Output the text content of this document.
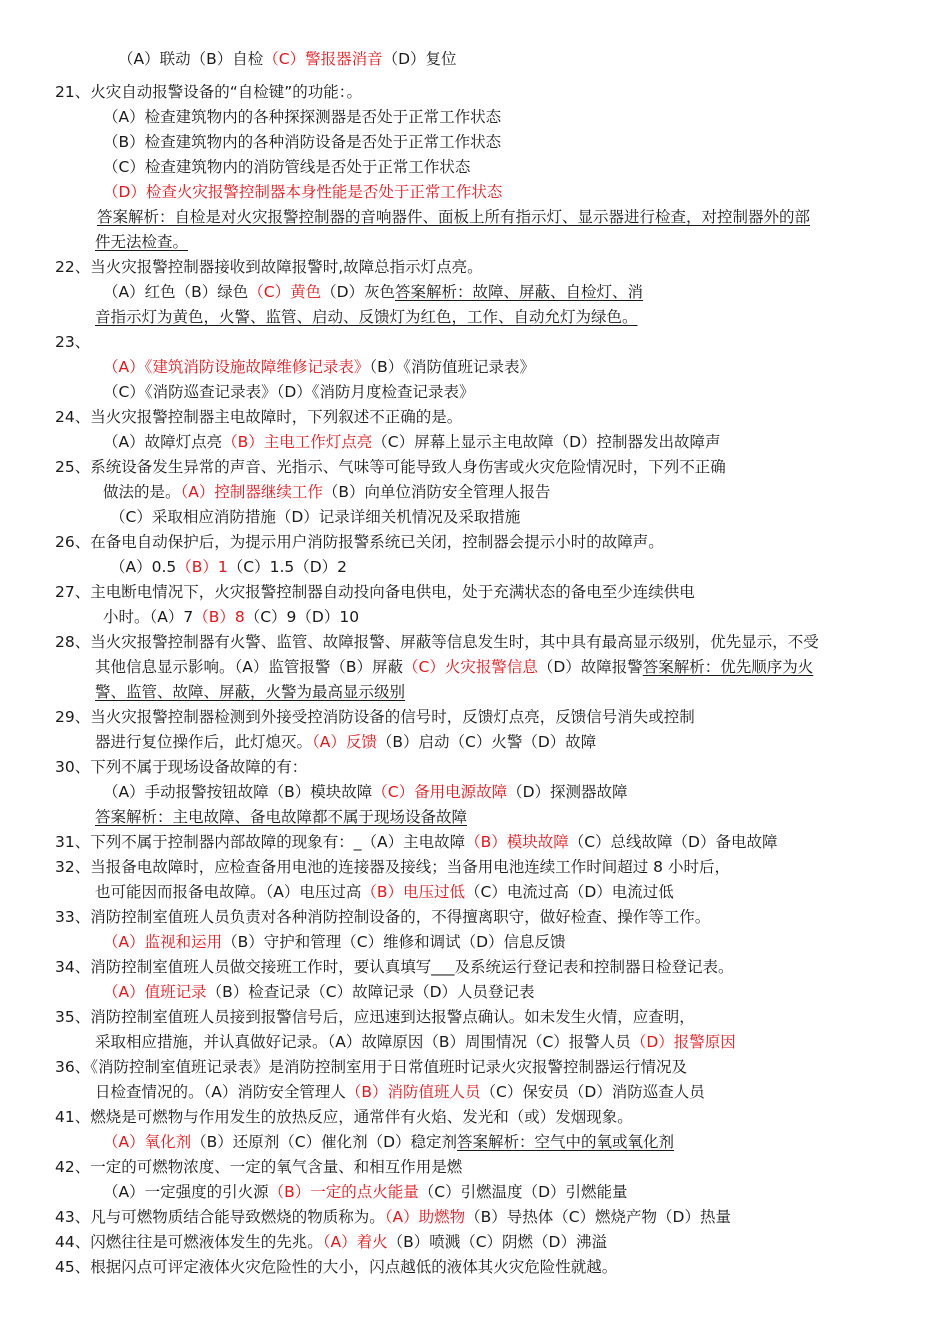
（A）联动（B）自检（C）警报器消音（D）复位
21、火灾自动报警设备的“自检键”的功能：。
（A）检查建筑物内的各种探探测器是否处于正常工作状态
（B）检查建筑物内的各种消防设备是否处于正常工作状态
（C）检查建筑物内的消防管线是否处于正常工作状态
（D）检查火灾报警控制器本身性能是否处于正常工作状态
答案解析：自检是对火灾报警控制器的音响器件、面板上所有指示灯、显示器进行检查，对控制器外的部
件无法检查。
22、当火灾报警控制器接收到故障报警时,故障总指示灯点亮。
（A）红色（B）绿色（C）黄色（D）灰色答案解析：故障、屏蔽、自检灯、消
音指示灯为黄色，火警、监管、启动、反馈灯为红色，工作、自动允灯为绿色。
23、
（A）《建筑消防设施故障维修记录表》（B）《消防值班记录表》
（C）《消防巡查记录表》（D）《消防月度检查记录表》
24、当火灾报警控制器主电故障时，下列叙述不正确的是。
（A）故障灯点亮（B）主电工作灯点亮（C）屏幕上显示主电故障（D）控制器发出故障声
25、系统设备发生异常的声音、光指示、气味等可能导致人身伤害或火灾危险情况时，下列不正确
做法的是。（A）控制器继续工作（B）向单位消防安全管理人报告
（C）采取相应消防措施（D）记录详细关机情况及采取措施
26、在备电自动保护后，为提示用户消防报警系统已关闭，控制器会提示小时的故障声。
（A）0.5（B）1（C）1.5（D）2
27、主电断电情况下，火灾报警控制器自动投向备电供电，处于充满状态的备电至少连续供电
小时。（A）7（B）8（C）9（D）10
28、当火灾报警控制器有火警、监管、故障报警、屏蔽等信息发生时，其中具有最高显示级别，优先显示，不受
其他信息显示影响。（A）监管报警（B）屏蔽（C）火灾报警信息（D）故障报警答案解析：优先顺序为火
警、监管、故障、屏蔽，火警为最高显示级别
29、当火灾报警控制器检测到外接受控消防设备的信号时，反馈灯点亮，反馈信号消失或控制
器进行复位操作后，此灯熄灭。（A）反馈（B）启动（C）火警（D）故障
30、下列不属于现场设备故障的有：
（A）手动报警按钮故障（B）模块故障（C）备用电源故障（D）探测器故障
答案解析：主电故障、备电故障都不属于现场设备故障
31、下列不属于控制器内部故障的现象有：_（A）主电故障（B）模块故障（C）总线故障（D）备电故障
32、当报备电故障时，应检查备用电池的连接器及接线；当备用电池连续工作时间超过 8 小时后，
也可能因而报备电故障。（A）电压过高（B）电压过低（C）电流过高（D）电流过低
33、消防控制室值班人员负责对各种消防控制设备的，不得擅离职守，做好检查、操作等工作。
（A）监视和运用（B）守护和管理（C）维修和调试（D）信息反馈
34、消防控制室值班人员做交接班工作时，要认真填写___及系统运行登记表和控制器日检登记表。
（A）值班记录（B）检查记录（C）故障记录（D）人员登记表
35、消防控制室值班人员接到报警信号后，应迅速到达报警点确认。如未发生火情，应查明，
采取相应措施，并认真做好记录。（A）故障原因（B）周围情况（C）报警人员（D）报警原因
36、《消防控制室值班记录表》是消防控制室用于日常值班时记录火灾报警控制器运行情况及
日检查情况的。（A）消防安全管理人（B）消防值班人员（C）保安员（D）消防巡查人员
41、燃烧是可燃物与作用发生的放热反应，通常伴有火焰、发光和（或）发烟现象。
（A）氧化剂（B）还原剂（C）催化剂（D）稳定剂答案解析：空气中的氧或氧化剂
42、一定的可燃物浓度、一定的氧气含量、和相互作用是燃
（A）一定强度的引火源（B）一定的点火能量（C）引燃温度（D）引燃能量
43、凡与可燃物质结合能导致燃烧的物质称为。（A）助燃物（B）导热体（C）燃烧产物（D）热量
44、闪燃往往是可燃液体发生的先兆。（A）着火（B）喷溅（C）阴燃（D）沸溢
45、根据闪点可评定液体火灾危险性的大小，闪点越低的液体其火灾危险性就越。
